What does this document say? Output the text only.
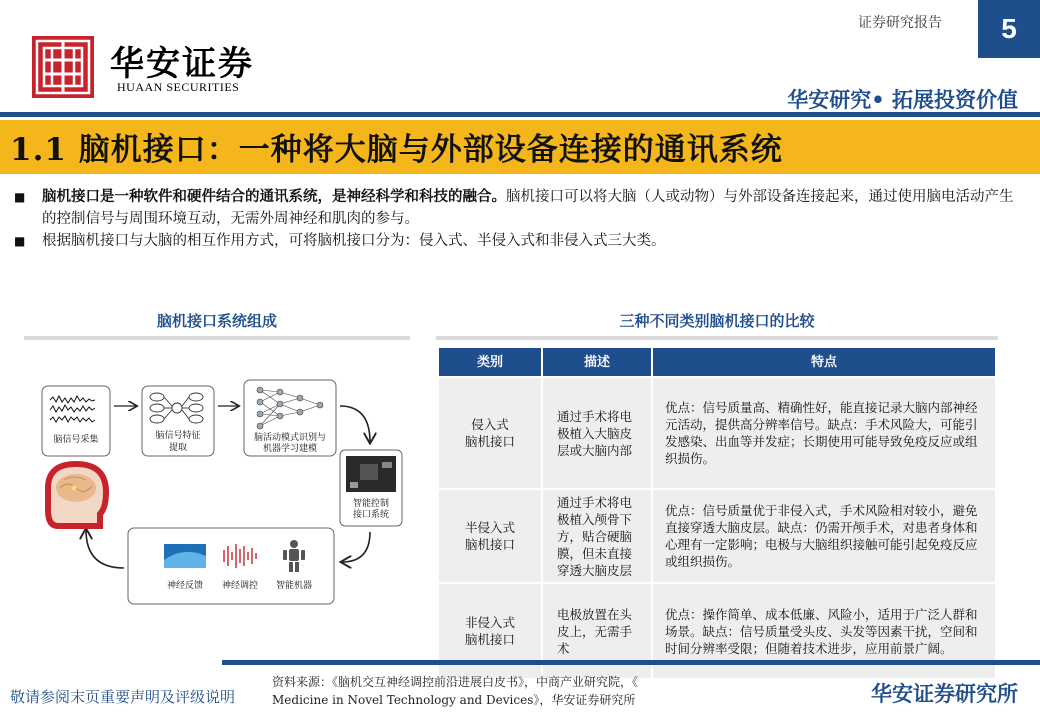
华安证券
HUAAN SECURITIES
证券研究报告	5
华安研究• 拓展投资价值
1.1 脑机接口：一种将大脑与外部设备连接的通讯系统
■	脑机接口是一种软件和硬件结合的通讯系统，是神经科学和科技的融合。脑机接口可以将大脑（人或动物）与外部设备连接起来，通过使用脑电活动产生的控制信号与周围环境互动，无需外周神经和肌肉的参与。
■	根据脑机接口与大脑的相互作用方式，可将脑机接口分为：侵入式、半侵入式和非侵入式三大类。
脑机接口系统组成	三种不同类别脑机接口的比较
脑信号采集	脑信号特征
提取
脑活动模式识别与
机器学习建模
智能控制
接口系统
神经反馈 神经调控 智能机器
类别	描述	特点

侵入式
脑机接口	通过手术将电极植入大脑皮层或大脑内部	优点：信号质量高、精确性好，能直接记录大脑内部神经元活动，提供高分辨率信号。缺点：手术风险大，可能引发感染、出血等并发症；长期使用可能导致免疫反应或组织损伤。

半侵入式
脑机接口	通过手术将电极植入颅骨下方，贴合硬脑膜，但未直接穿透大脑皮层	优点：信号质量优于非侵入式，手术风险相对较小，避免直接穿透大脑皮层。缺点：仍需开颅手术，对患者身体和心理有一定影响；电极与大脑组织接触可能引起免疫反应或组织损伤。

非侵入式
脑机接口	电极放置在头皮上，无需手术	优点：操作简单、成本低廉、风险小，适用于广泛人群和场景。缺点：信号质量受头皮、头发等因素干扰，空间和时间分辨率受限；但随着技术进步，应用前景广阔。
资料来源：《脑机交互神经调控前沿进展白皮书》，中商产业研究院，《
Medicine in Novel Technology and Devices》，华安证券研究所
敬请参阅末页重要声明及评级说明	华安证券研究所
